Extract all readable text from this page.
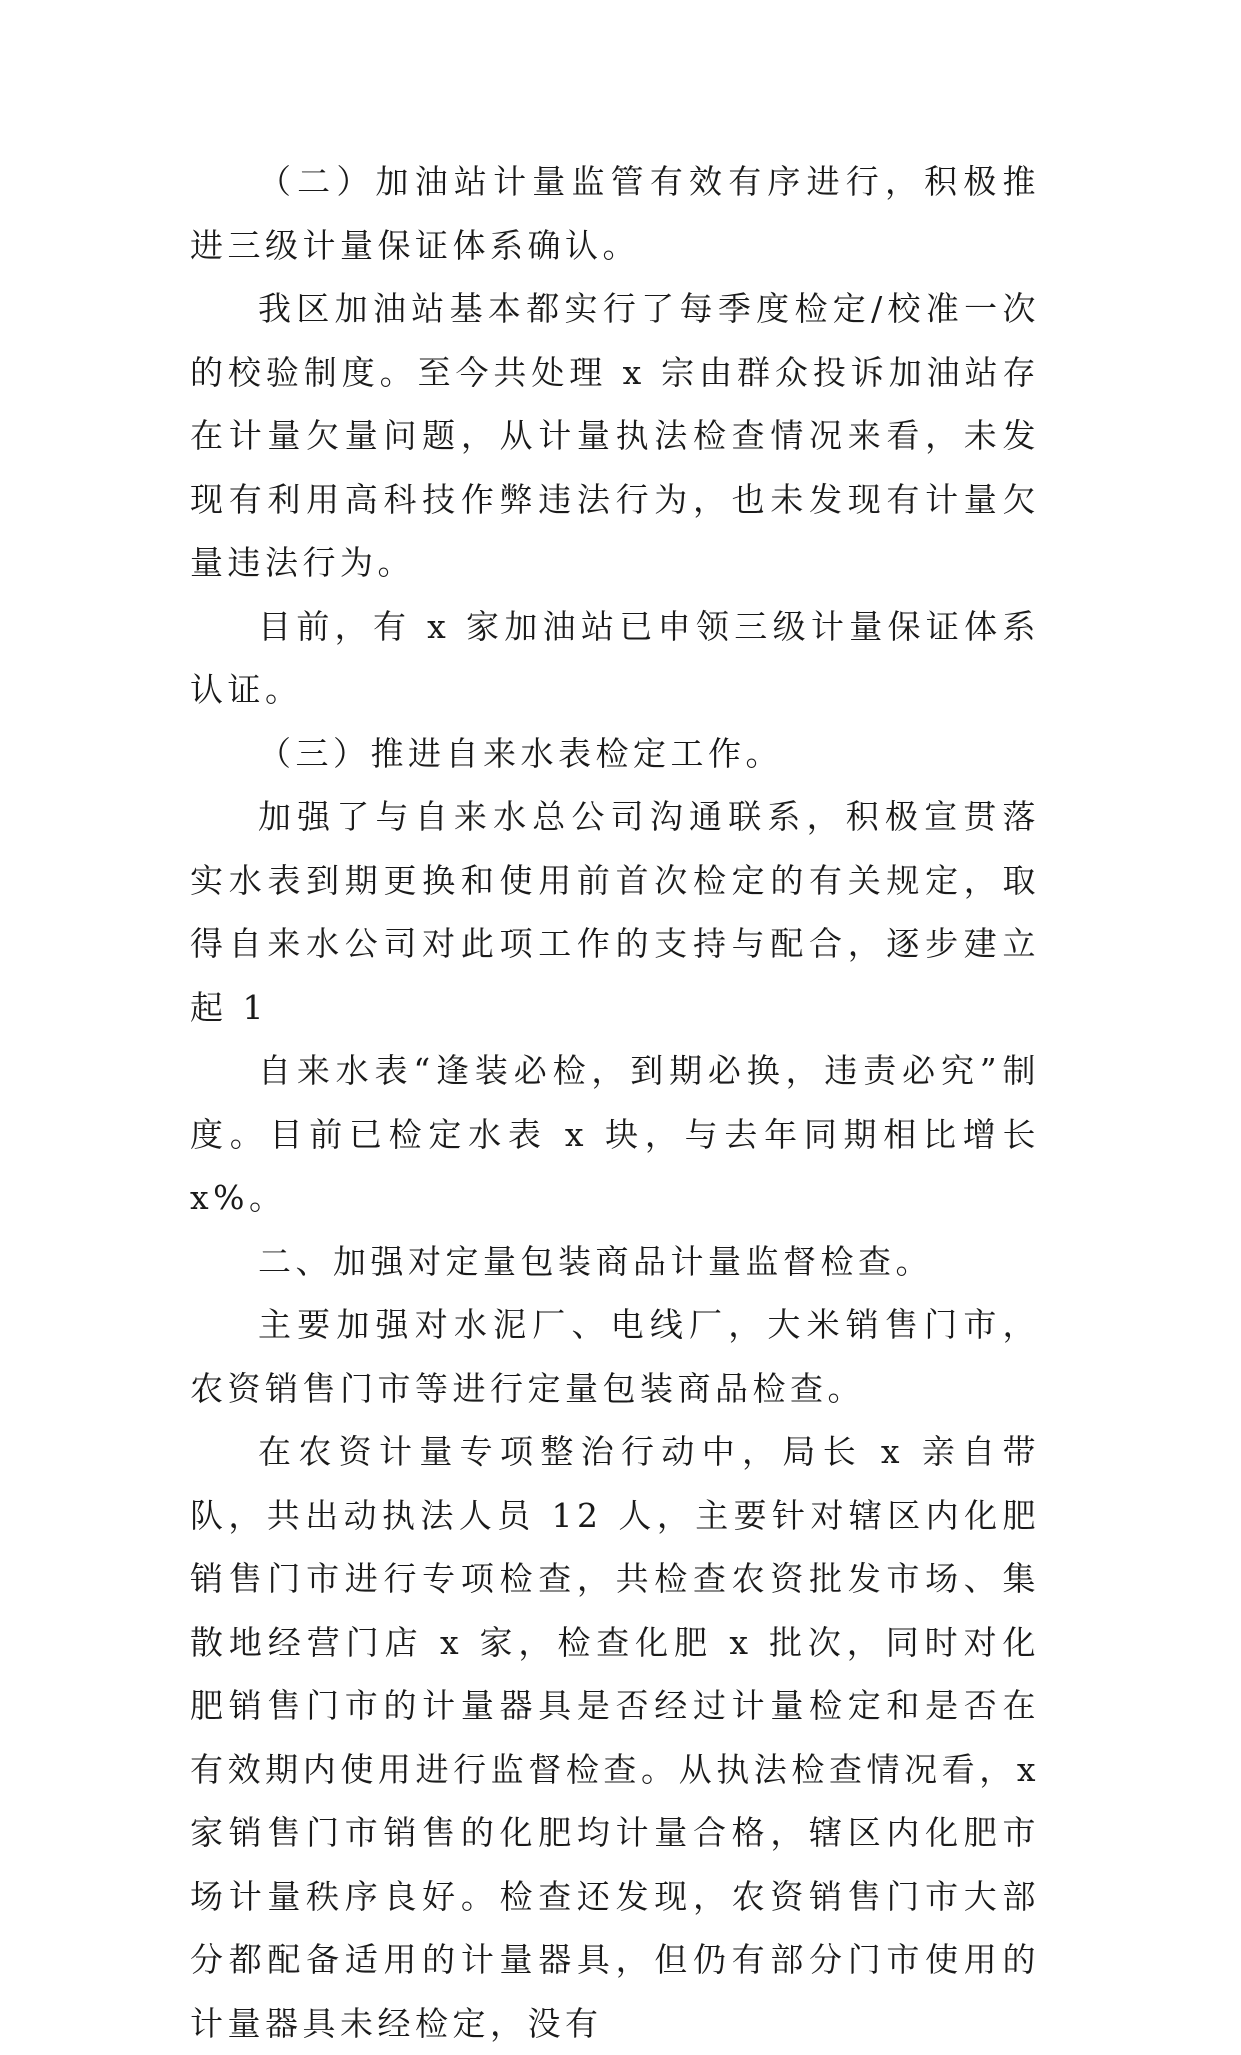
（二）加油站计量监管有效有序进行，积极推进三级计量保证体系确认。

我区加油站基本都实行了每季度检定/校准一次的校验制度。至今共处理 x 宗由群众投诉加油站存在计量欠量问题，从计量执法检查情况来看，未发现有利用高科技作弊违法行为，也未发现有计量欠量违法行为。

目前，有 x 家加油站已申领三级计量保证体系认证。

（三）推进自来水表检定工作。

加强了与自来水总公司沟通联系，积极宣贯落实水表到期更换和使用前首次检定的有关规定，取得自来水公司对此项工作的支持与配合，逐步建立起 1

自来水表“逢装必检，到期必换，违责必究”制度。目前已检定水表 x 块，与去年同期相比增长 x%。

二、加强对定量包装商品计量监督检查。

主要加强对水泥厂、电线厂，大米销售门市，农资销售门市等进行定量包装商品检查。

在农资计量专项整治行动中，局长 x 亲自带队，共出动执法人员 12 人，主要针对辖区内化肥销售门市进行专项检查，共检查农资批发市场、集散地经营门店 x 家，检查化肥 x 批次，同时对化肥销售门市的计量器具是否经过计量检定和是否在有效期内使用进行监督检查。从执法检查情况看，x 家销售门市销售的化肥均计量合格，辖区内化肥市场计量秩序良好。检查还发现，农资销售门市大部分都配备适用的计量器具，但仍有部分门市使用的计量器具未经检定，没有
